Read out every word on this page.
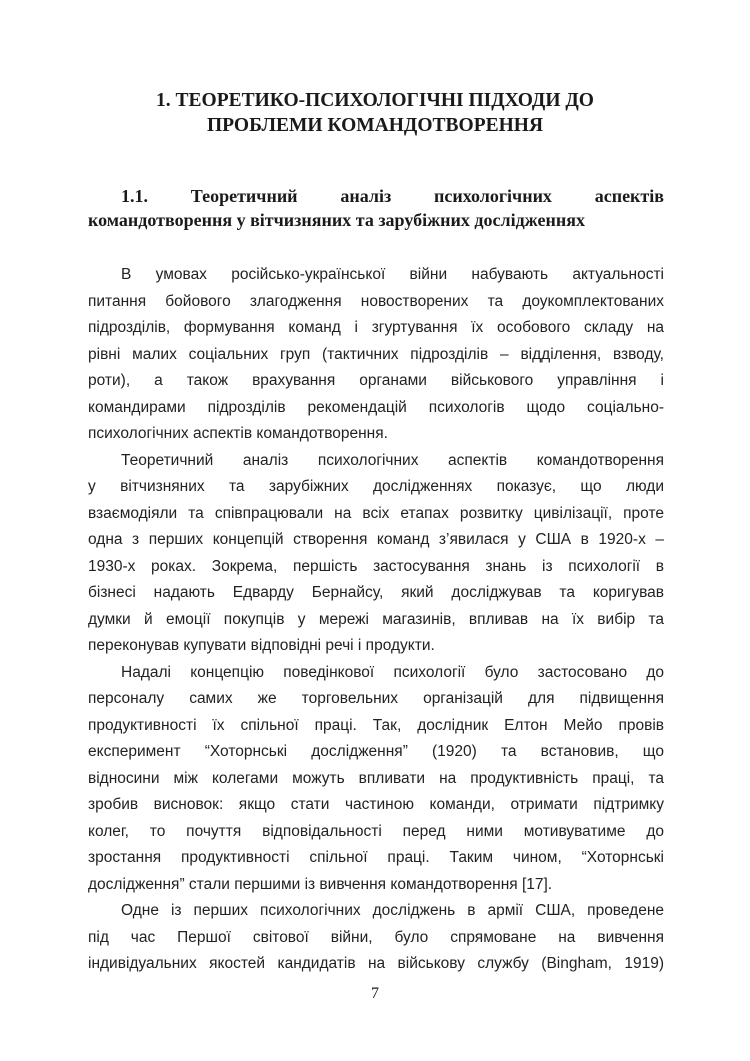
1. ТЕОРЕТИКО-ПСИХОЛОГІЧНІ ПІДХОДИ ДО
ПРОБЛЕМИ КОМАНДОТВОРЕННЯ
1.1. Теоретичний аналіз психологічних аспектів
командотворення у вітчизняних та зарубіжних дослідженнях
В умовах російсько-української війни набувають актуальності
питання бойового злагодження новостворених та доукомплектованих
підрозділів, формування команд і згуртування їх особового складу на
рівні малих соціальних груп (тактичних підрозділів – відділення, взводу,
роти), а також врахування органами військового управління і
командирами підрозділів рекомендацій психологів щодо соціально-
психологічних аспектів командотворення.
Теоретичний аналіз психологічних аспектів командотворення
у вітчизняних та зарубіжних дослідженнях показує, що люди
взаємодіяли та співпрацювали на всіх етапах розвитку цивілізації, проте
одна з перших концепцій створення команд з’явилася у США в 1920-х –
1930-х роках. Зокрема, першість застосування знань із психології в
бізнесі надають Едварду Бернайсу, який досліджував та коригував
думки й емоції покупців у мережі магазинів, впливав на їх вибір та
переконував купувати відповідні речі і продукти.
Надалі концепцію поведінкової психології було застосовано до
персоналу самих же торговельних організацій для підвищення
продуктивності їх спільної праці. Так, дослідник Елтон Мейо провів
експеримент “Хоторнські дослідження” (1920) та встановив, що
відносини між колегами можуть впливати на продуктивність праці, та
зробив висновок: якщо стати частиною команди, отримати підтримку
колег, то почуття відповідальності перед ними мотивуватиме до
зростання продуктивності спільної праці. Таким чином, “Хоторнські
дослідження” стали першими із вивчення командотворення [17].
Одне із перших психологічних досліджень в армії США, проведене
під час Першої світової війни, було спрямоване на вивчення
індивідуальних якостей кандидатів на військову службу (Bingham, 1919)
7
